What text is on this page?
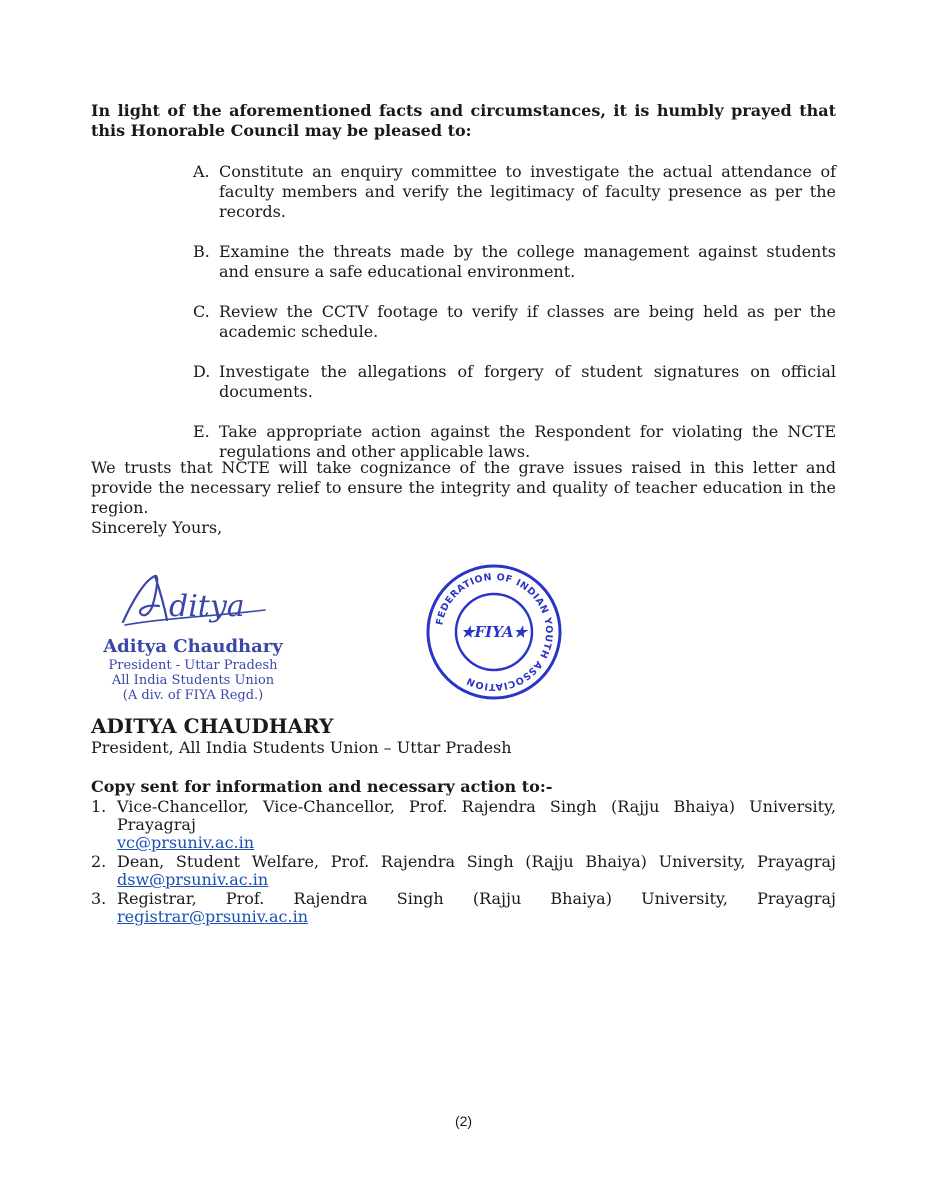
In light of the aforementioned facts and circumstances, it is humbly prayed that this Honorable Council may be pleased to:
A. Constitute an enquiry committee to investigate the actual attendance of faculty members and verify the legitimacy of faculty presence as per the records.
B. Examine the threats made by the college management against students and ensure a safe educational environment.
C. Review the CCTV footage to verify if classes are being held as per the academic schedule.
D. Investigate the allegations of forgery of student signatures on official documents.
E. Take appropriate action against the Respondent for violating the NCTE regulations and other applicable laws.
We trusts that NCTE will take cognizance of the grave issues raised in this letter and provide the necessary relief to ensure the integrity and quality of teacher education in the region.
Sincerely Yours,
ditya
Aditya Chaudhary
President - Uttar Pradesh
All India Students Union
(A div. of FIYA Regd.)
FEDERATION OF INDIAN YOUTH ASSOCIATION
★FIYA★
ADITYA CHAUDHARY
President, All India Students Union – Uttar Pradesh
Copy sent for information and necessary action to:-
1. Vice-Chancellor, Vice-Chancellor, Prof. Rajendra Singh (Rajju Bhaiya) University, Prayagraj
vc@prsuniv.ac.in
2. Dean, Student Welfare, Prof. Rajendra Singh (Rajju Bhaiya) University, Prayagraj
dsw@prsuniv.ac.in
3. Registrar, Prof. Rajendra Singh (Rajju Bhaiya) University, Prayagraj
registrar@prsuniv.ac.in
(2)
